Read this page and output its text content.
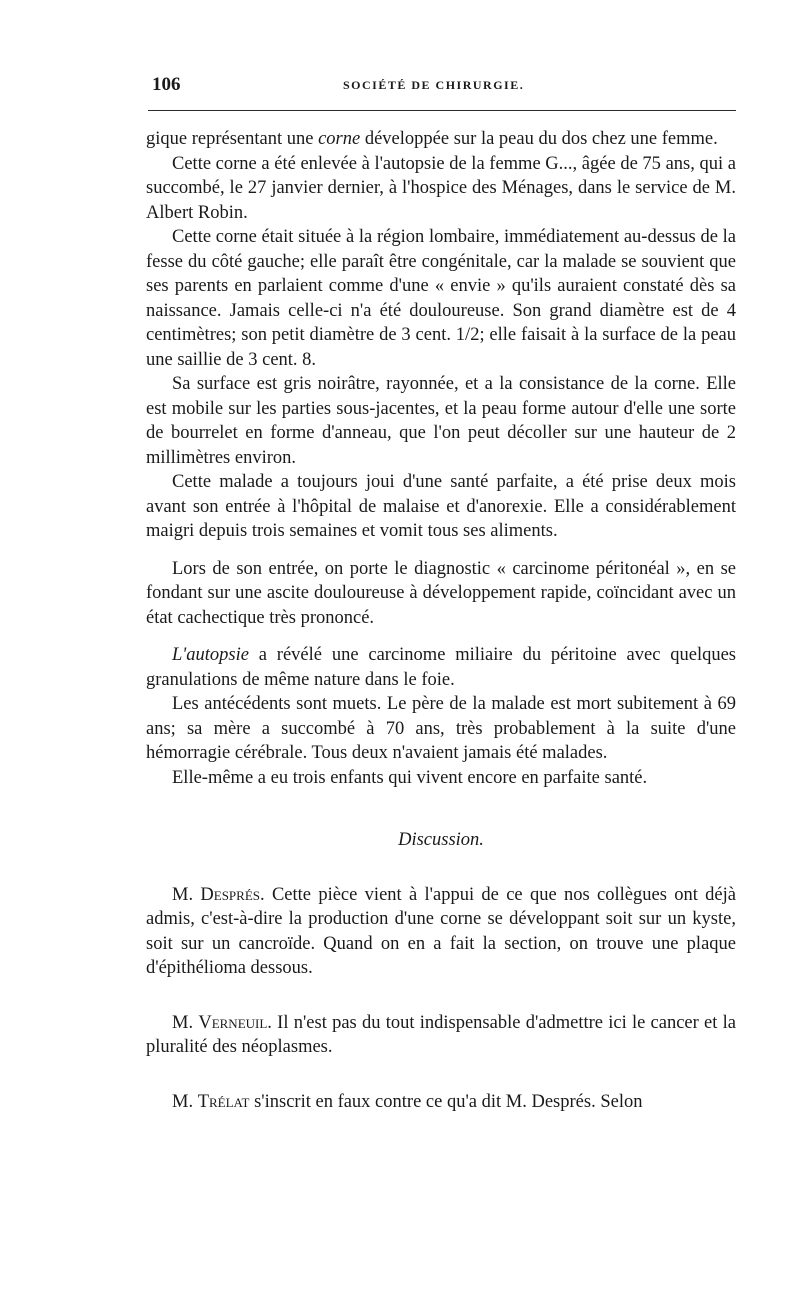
106	SOCIÉTÉ DE CHIRURGIE.

gique représentant une corne développée sur la peau du dos chez une femme.

Cette corne a été enlevée à l'autopsie de la femme G..., âgée de 75 ans, qui a succombé, le 27 janvier dernier, à l'hospice des Ménages, dans le service de M. Albert Robin.

Cette corne était située à la région lombaire, immédiatement au-dessus de la fesse du côté gauche; elle paraît être congénitale, car la malade se souvient que ses parents en parlaient comme d'une « envie » qu'ils auraient constaté dès sa naissance. Jamais celle-ci n'a été douloureuse. Son grand diamètre est de 4 centimètres; son petit diamètre de 3 cent. 1/2; elle faisait à la surface de la peau une saillie de 3 cent. 8.

Sa surface est gris noirâtre, rayonnée, et a la consistance de la corne. Elle est mobile sur les parties sous-jacentes, et la peau forme autour d'elle une sorte de bourrelet en forme d'anneau, que l'on peut décoller sur une hauteur de 2 millimètres environ.

Cette malade a toujours joui d'une santé parfaite, a été prise deux mois avant son entrée à l'hôpital de malaise et d'anorexie. Elle a considérablement maigri depuis trois semaines et vomit tous ses aliments.

Lors de son entrée, on porte le diagnostic « carcinome péritonéal », en se fondant sur une ascite douloureuse à développement rapide, coïncidant avec un état cachectique très prononcé.

L'autopsie a révélé une carcinome miliaire du péritoine avec quelques granulations de même nature dans le foie.

Les antécédents sont muets. Le père de la malade est mort subitement à 69 ans; sa mère a succombé à 70 ans, très probablement à la suite d'une hémorragie cérébrale. Tous deux n'avaient jamais été malades.

Elle-même a eu trois enfants qui vivent encore en parfaite santé.

Discussion.

M. Després. Cette pièce vient à l'appui de ce que nos collègues ont déjà admis, c'est-à-dire la production d'une corne se développant soit sur un kyste, soit sur un cancroïde. Quand on en a fait la section, on trouve une plaque d'épithélioma dessous.

M. Verneuil. Il n'est pas du tout indispensable d'admettre ici le cancer et la pluralité des néoplasmes.

M. Trélat s'inscrit en faux contre ce qu'a dit M. Després. Selon
